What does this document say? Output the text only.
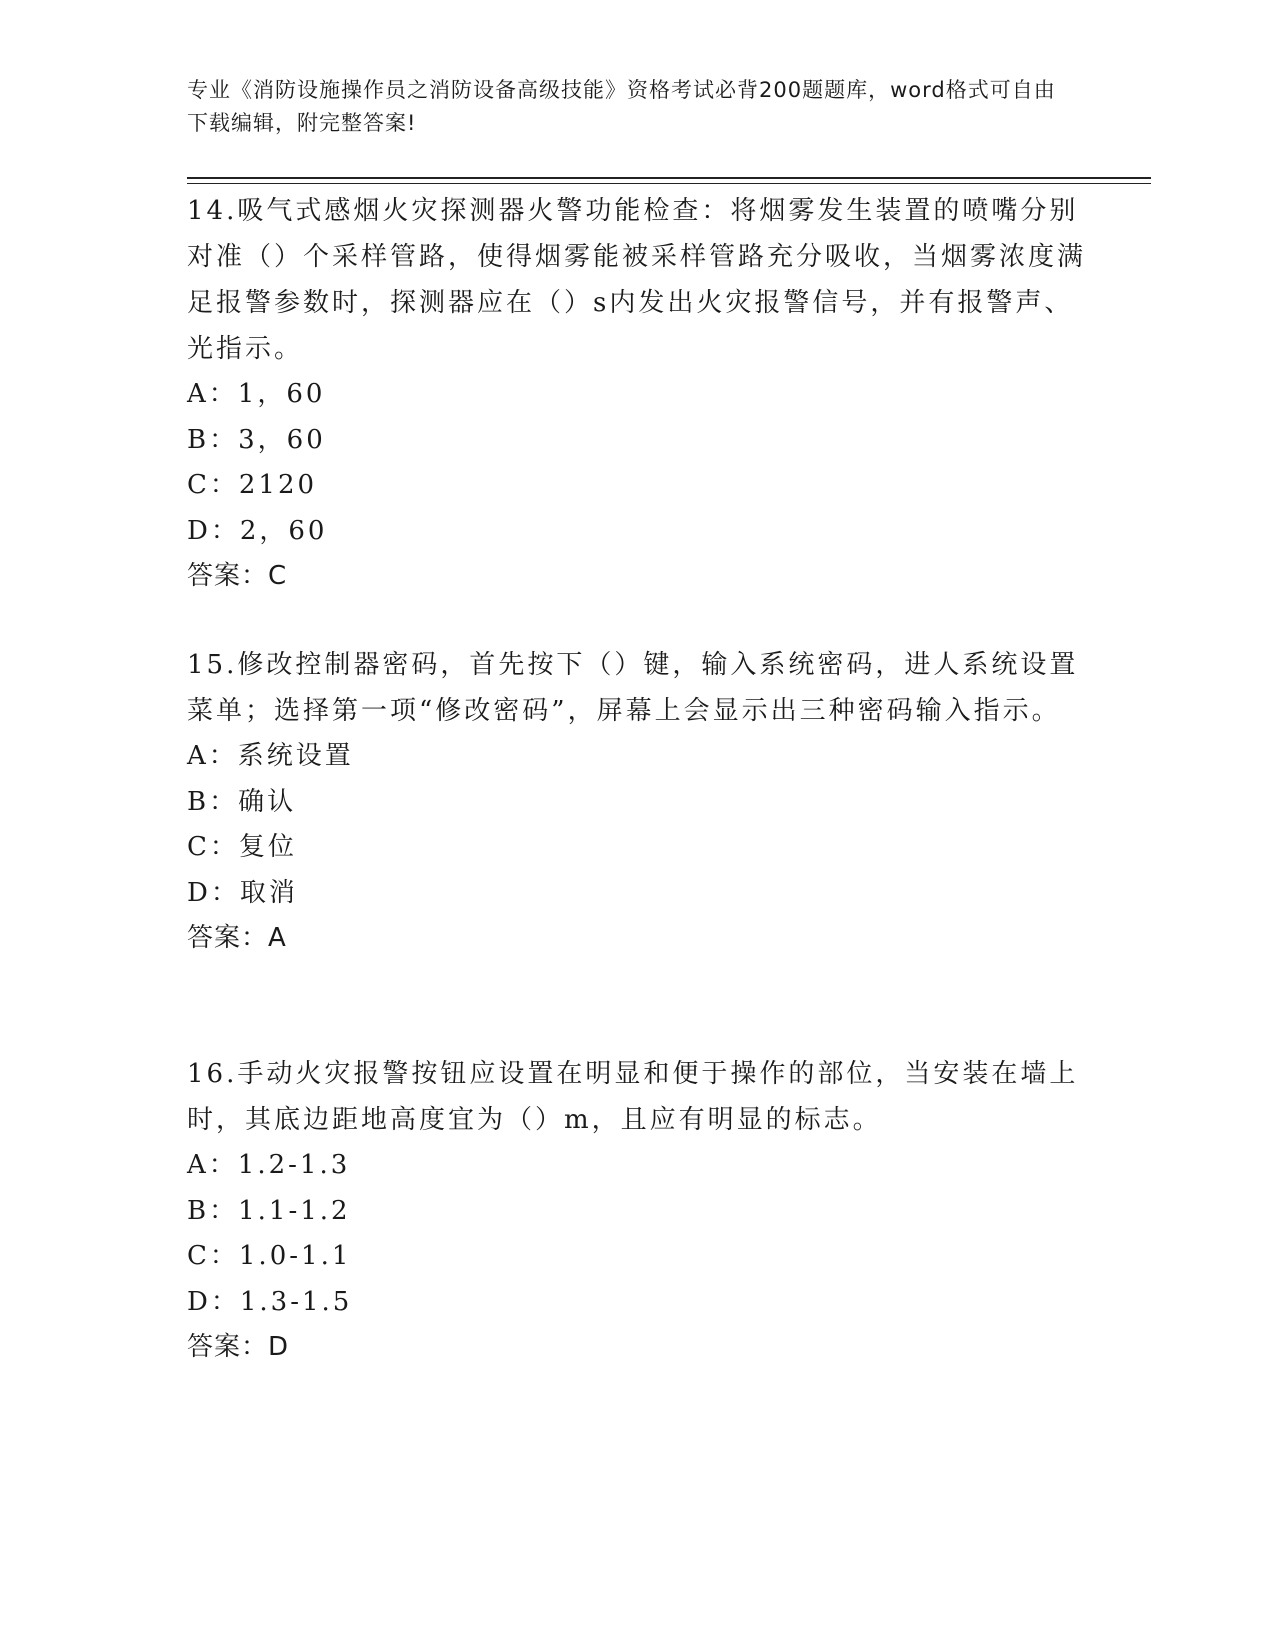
专业《消防设施操作员之消防设备高级技能》资格考试必背200题题库，word格式可自由下载编辑，附完整答案!

14.吸气式感烟火灾探测器火警功能检查：将烟雾发生装置的喷嘴分别对准（）个采样管路，使得烟雾能被采样管路充分吸收，当烟雾浓度满足报警参数时，探测器应在（）s内发出火灾报警信号，并有报警声、光指示。

A：1，60

B：3，60

C：2120

D：2，60

答案：C

15.修改控制器密码，首先按下（）键，输入系统密码，进人系统设置菜单；选择第一项“修改密码”，屏幕上会显示出三种密码输入指示。

A：系统设置

B：确认

C：复位

D：取消

答案：A

16.手动火灾报警按钮应设置在明显和便于操作的部位，当安装在墙上时，其底边距地高度宜为（）m，且应有明显的标志。

A：1.2-1.3

B：1.1-1.2

C：1.0-1.1

D：1.3-1.5

答案：D
